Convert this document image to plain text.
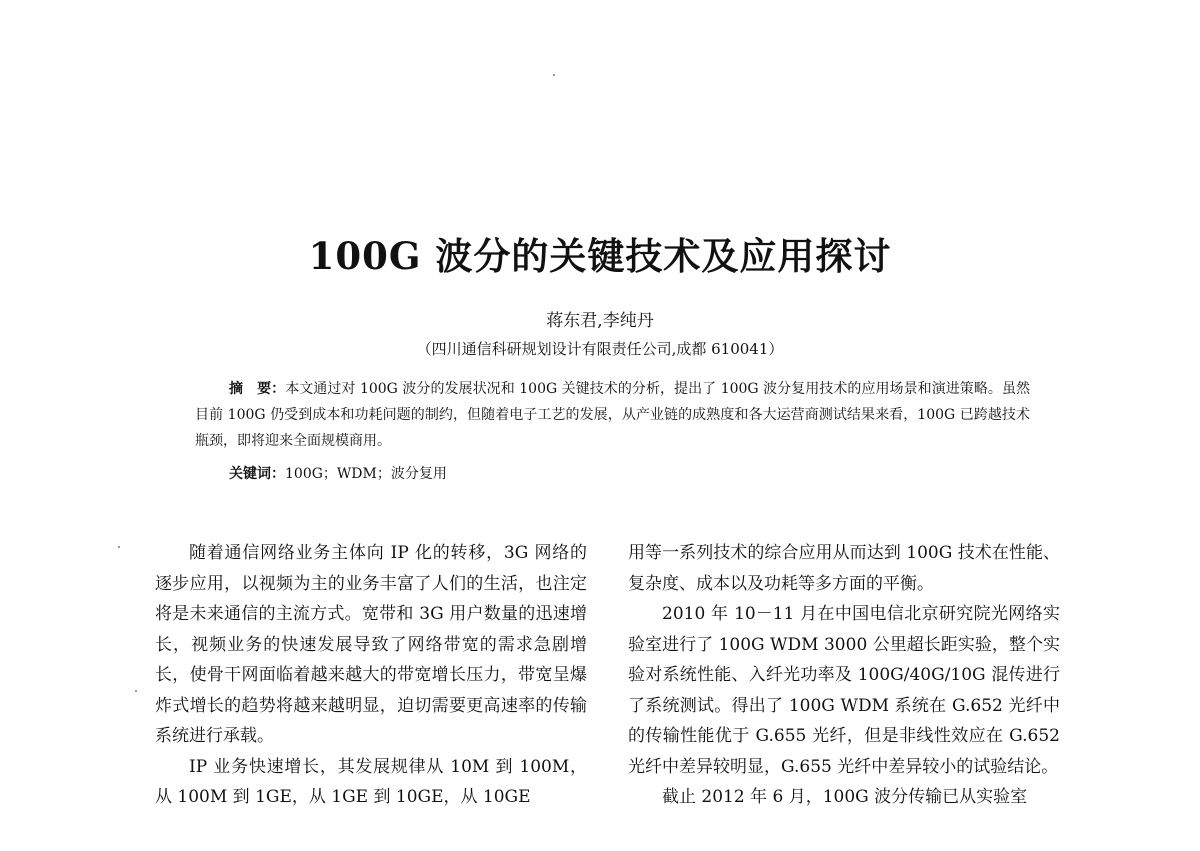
100G 波分的关键技术及应用探讨
蒋东君,李纯丹
（四川通信科研规划设计有限责任公司,成都 610041）
摘　要：本文通过对 100G 波分的发展状况和 100G 关键技术的分析，提出了 100G 波分复用技术的应用场景和演进策略。虽然目前 100G 仍受到成本和功耗问题的制约，但随着电子工艺的发展，从产业链的成熟度和各大运营商测试结果来看，100G 已跨越技术瓶颈，即将迎来全面规模商用。
关键词：100G；WDM；波分复用

随着通信网络业务主体向 IP 化的转移，3G 网络的逐步应用，以视频为主的业务丰富了人们的生活，也注定将是未来通信的主流方式。宽带和 3G 用户数量的迅速增长，视频业务的快速发展导致了网络带宽的需求急剧增长，使骨干网面临着越来越大的带宽增长压力，带宽呈爆炸式增长的趋势将越来越明显，迫切需要更高速率的传输系统进行承载。

IP 业务快速增长，其发展规律从 10M 到 100M，从 100M 到 1GE，从 1GE 到 10GE，从 10GE

用等一系列技术的综合应用从而达到 100G 技术在性能、复杂度、成本以及功耗等多方面的平衡。

2010 年 10－11 月在中国电信北京研究院光网络实验室进行了 100G WDM 3000 公里超长距实验，整个实验对系统性能、入纤光功率及 100G/40G/10G 混传进行了系统测试。得出了 100G WDM 系统在 G.652 光纤中的传输性能优于 G.655 光纤，但是非线性效应在 G.652 光纤中差异较明显，G.655 光纤中差异较小的试验结论。

截止 2012 年 6 月，100G 波分传输已从实验室
